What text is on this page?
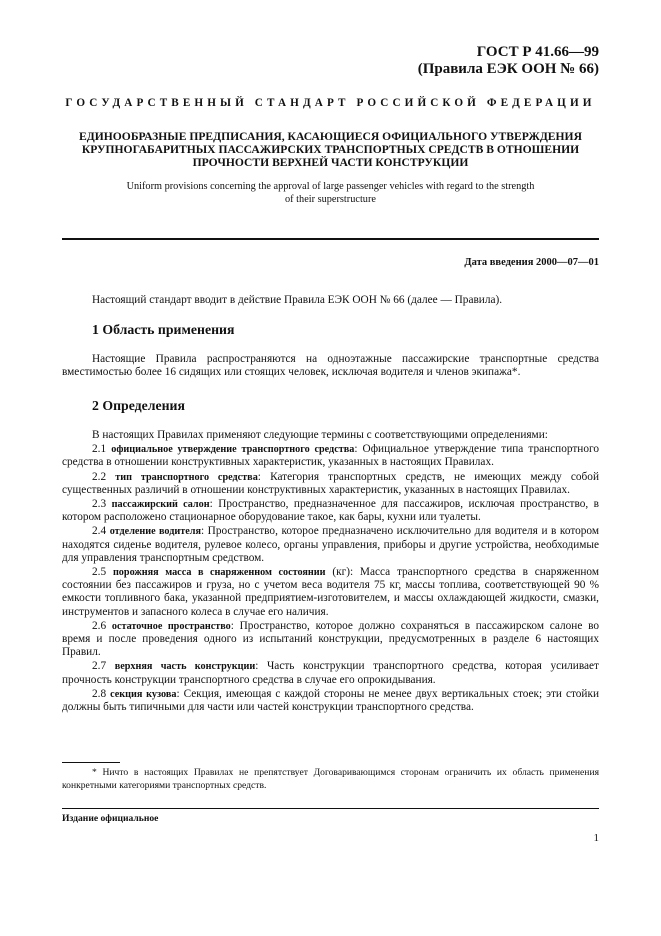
ГОСТ Р 41.66—99
(Правила ЕЭК ООН № 66)
ГОСУДАРСТВЕННЫЙ СТАНДАРТ РОССИЙСКОЙ ФЕДЕРАЦИИ
ЕДИНООБРАЗНЫЕ ПРЕДПИСАНИЯ, КАСАЮЩИЕСЯ ОФИЦИАЛЬНОГО УТВЕРЖДЕНИЯ
КРУПНОГАБАРИТНЫХ ПАССАЖИРСКИХ ТРАНСПОРТНЫХ СРЕДСТВ В ОТНОШЕНИИ
ПРОЧНОСТИ ВЕРХНЕЙ ЧАСТИ КОНСТРУКЦИИ
Uniform provisions concerning the approval of large passenger vehicles with regard to the strength
of their superstructure
Дата введения 2000—07—01
Настоящий стандарт вводит в действие Правила ЕЭК ООН № 66 (далее — Правила).
1 Область применения
Настоящие Правила распространяются на одноэтажные пассажирские транспортные средства вместимостью более 16 сидящих или стоящих человек, исключая водителя и членов экипажа*.
2 Определения

В настоящих Правилах применяют следующие термины с соответствующими определениями:

2.1 официальное утверждение транспортного средства: Официальное утверждение типа транспортного средства в отношении конструктивных характеристик, указанных в настоящих Правилах.

2.2 тип транспортного средства: Категория транспортных средств, не имеющих между собой существенных различий в отношении конструктивных характеристик, указанных в настоящих Правилах.

2.3 пассажирский салон: Пространство, предназначенное для пассажиров, исключая пространство, в котором расположено стационарное оборудование такое, как бары, кухни или туалеты.

2.4 отделение водителя: Пространство, которое предназначено исключительно для водителя и в котором находятся сиденье водителя, рулевое колесо, органы управления, приборы и другие устройства, необходимые для управления транспортным средством.

2.5 порожняя масса в снаряженном состоянии (кг): Масса транспортного средства в снаряженном состоянии без пассажиров и груза, но с учетом веса водителя 75 кг, массы топлива, соответствующей 90 % емкости топливного бака, указанной предприятием-изготовителем, и массы охлаждающей жидкости, смазки, инструментов и запасного колеса в случае его наличия.

2.6 остаточное пространство: Пространство, которое должно сохраняться в пассажирском салоне во время и после проведения одного из испытаний конструкции, предусмотренных в разделе 6 настоящих Правил.

2.7 верхняя часть конструкции: Часть конструкции транспортного средства, которая усиливает прочность конструкции транспортного средства в случае его опрокидывания.

2.8 секция кузова: Секция, имеющая с каждой стороны не менее двух вертикальных стоек; эти стойки должны быть типичными для части или частей конструкции транспортного средства.

* Ничто в настоящих Правилах не препятствует Договаривающимся сторонам ограничить их область применения конкретными категориями транспортных средств.
Издание официальное
1
